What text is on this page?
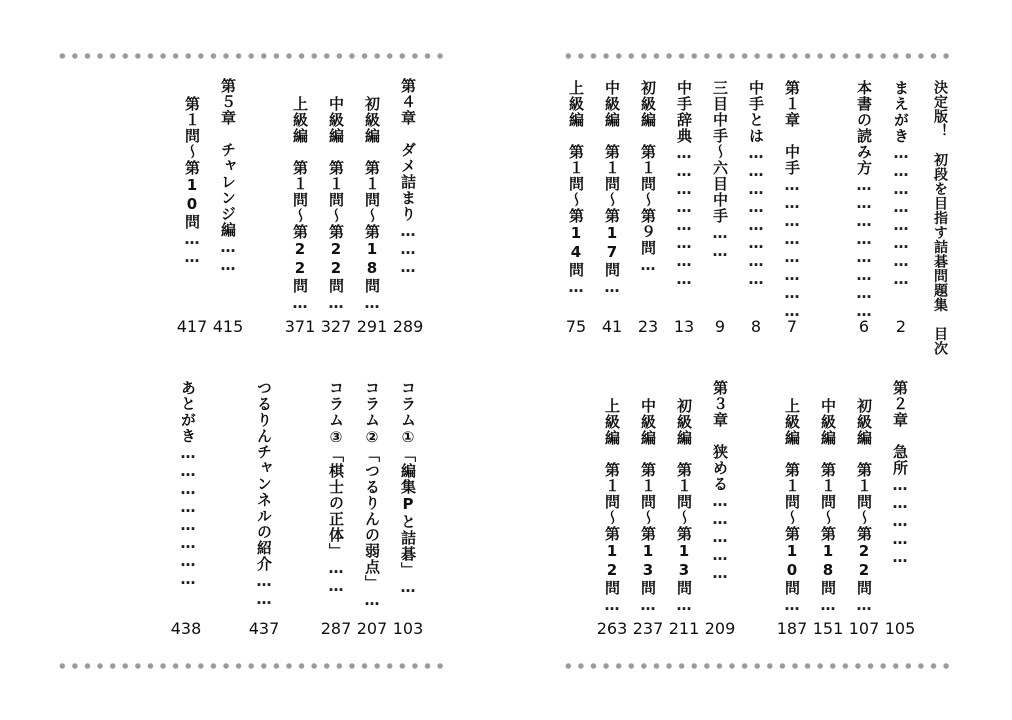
決定版！　初段を目指す詰碁問題集　目次
まえがき
……………………
2
本書の読み方
……………………
6
第１章　中手
……………………
7
中手とは
……………………
8
三目中手～六目中手
……
9
中手辞典
……………………
13
初級編　第１問～第９問
…
23
中級編　第１問～第17問
…
41
上級編　第１問～第14問
…
75
第２章　急所
……………
105
初級編　第１問～第22問
…
107
中級編　第１問～第18問
…
151
上級編　第１問～第10問
…
187
第３章　狭める
……………
209
初級編　第１問～第13問
…
211
中級編　第１問～第13問
…
237
上級編　第１問～第12問
…
263
第４章　ダメ詰まり
………
289
初級編　第１問～第18問
…
291
中級編　第１問～第22問
…
327
上級編　第１問～第22問
…
371
第５章　チャレンジ編
……
415
第１問～第10問
……
417
コラム①「編集Pと詰碁」
…
103
コラム②「つるりんの弱点」
…
207
コラム③「棋士の正体」
……
287
つるりんチャンネルの紹介
……
437
あとがき
……………………
438
